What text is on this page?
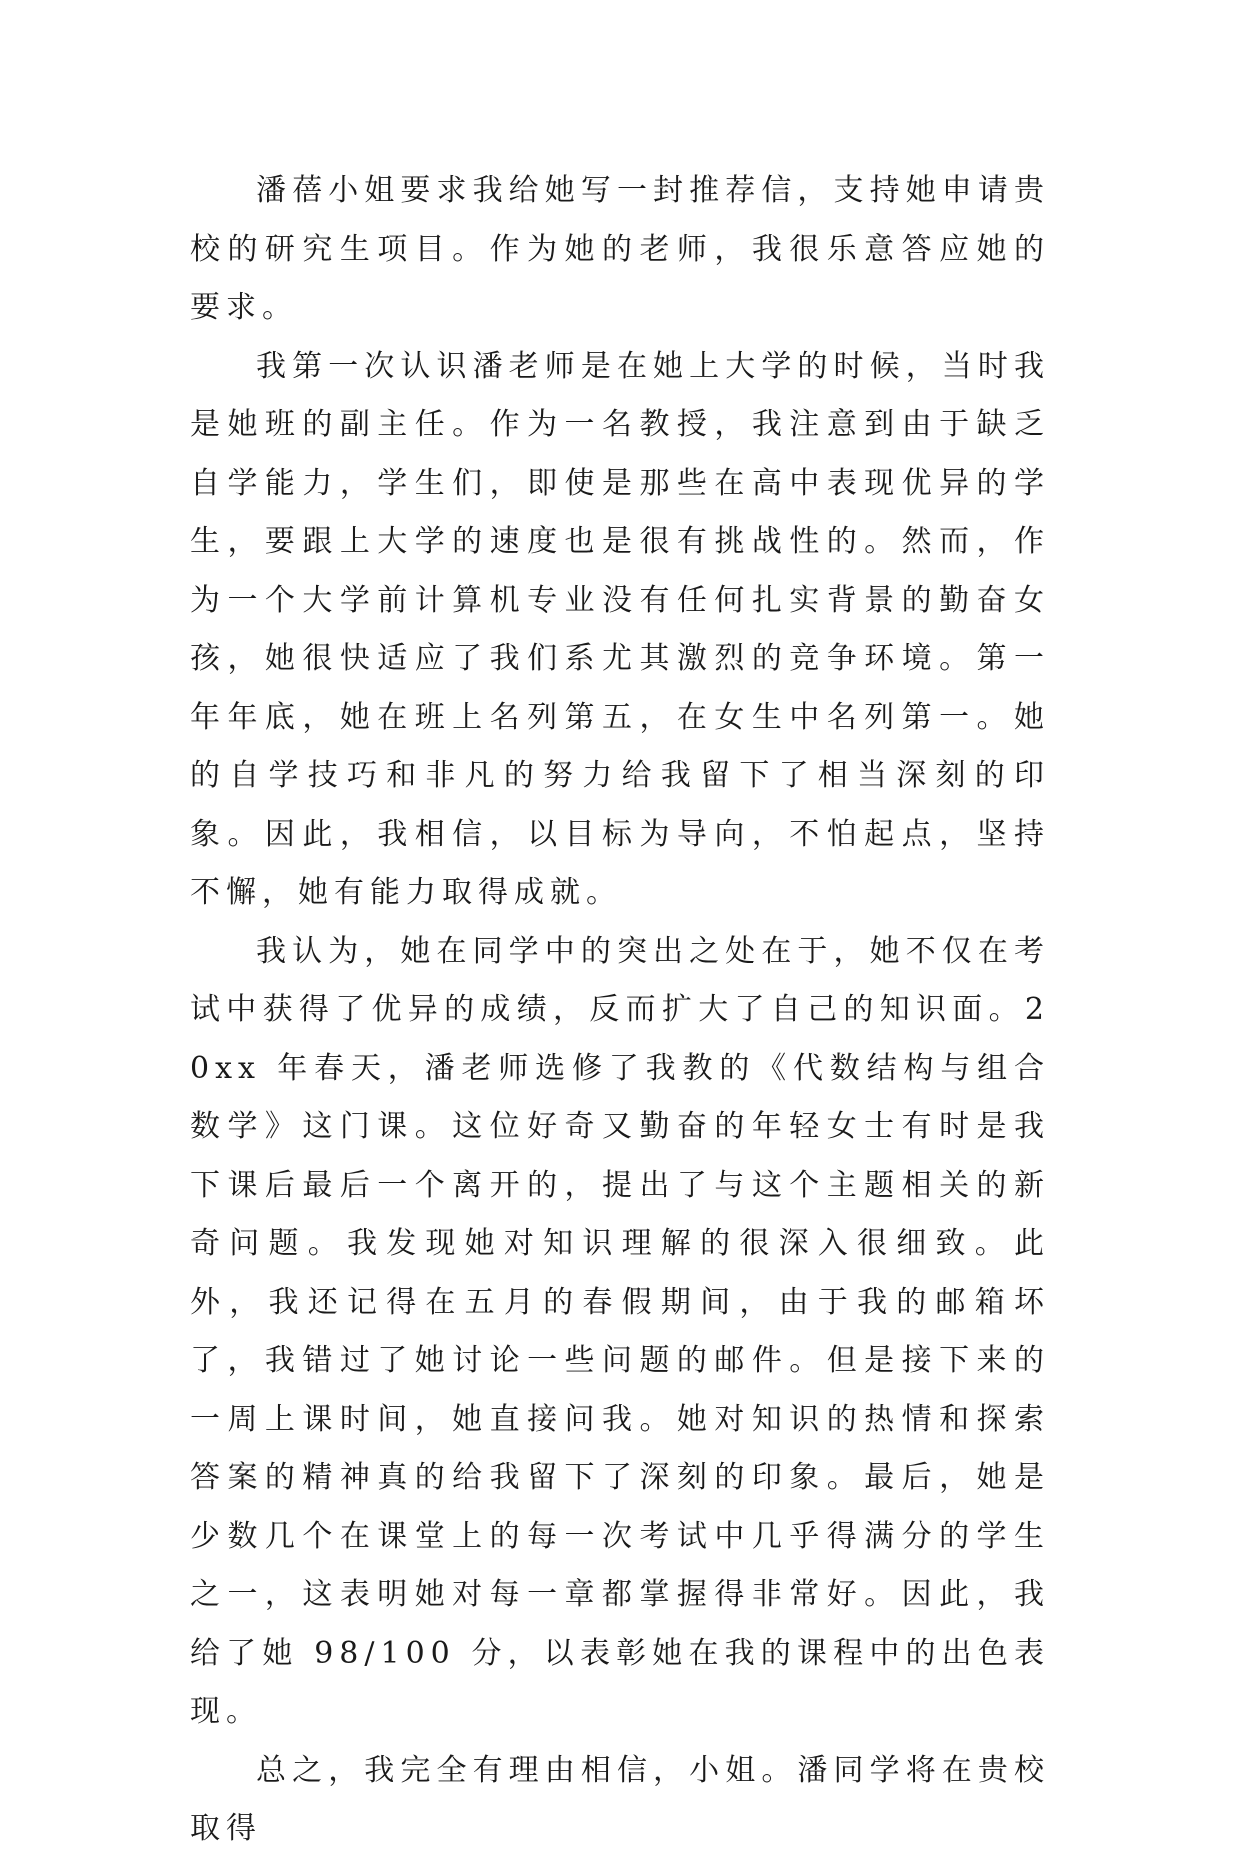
潘蓓小姐要求我给她写一封推荐信，支持她申请贵校的研究生项目。作为她的老师，我很乐意答应她的要求。

我第一次认识潘老师是在她上大学的时候，当时我是她班的副主任。作为一名教授，我注意到由于缺乏自学能力，学生们，即使是那些在高中表现优异的学生，要跟上大学的速度也是很有挑战性的。然而，作为一个大学前计算机专业没有任何扎实背景的勤奋女孩，她很快适应了我们系尤其激烈的竞争环境。第一年年底，她在班上名列第五，在女生中名列第一。她的自学技巧和非凡的努力给我留下了相当深刻的印象。因此，我相信，以目标为导向，不怕起点，坚持不懈，她有能力取得成就。

我认为，她在同学中的突出之处在于，她不仅在考试中获得了优异的成绩，反而扩大了自己的知识面。20xx 年春天，潘老师选修了我教的《代数结构与组合数学》这门课。这位好奇又勤奋的年轻女士有时是我下课后最后一个离开的，提出了与这个主题相关的新奇问题。我发现她对知识理解的很深入很细致。此外，我还记得在五月的春假期间，由于我的邮箱坏了，我错过了她讨论一些问题的邮件。但是接下来的一周上课时间，她直接问我。她对知识的热情和探索答案的精神真的给我留下了深刻的印象。最后，她是少数几个在课堂上的每一次考试中几乎得满分的学生之一，这表明她对每一章都掌握得非常好。因此，我给了她 98/100 分，以表彰她在我的课程中的出色表现。

总之，我完全有理由相信，小姐。潘同学将在贵校取得
